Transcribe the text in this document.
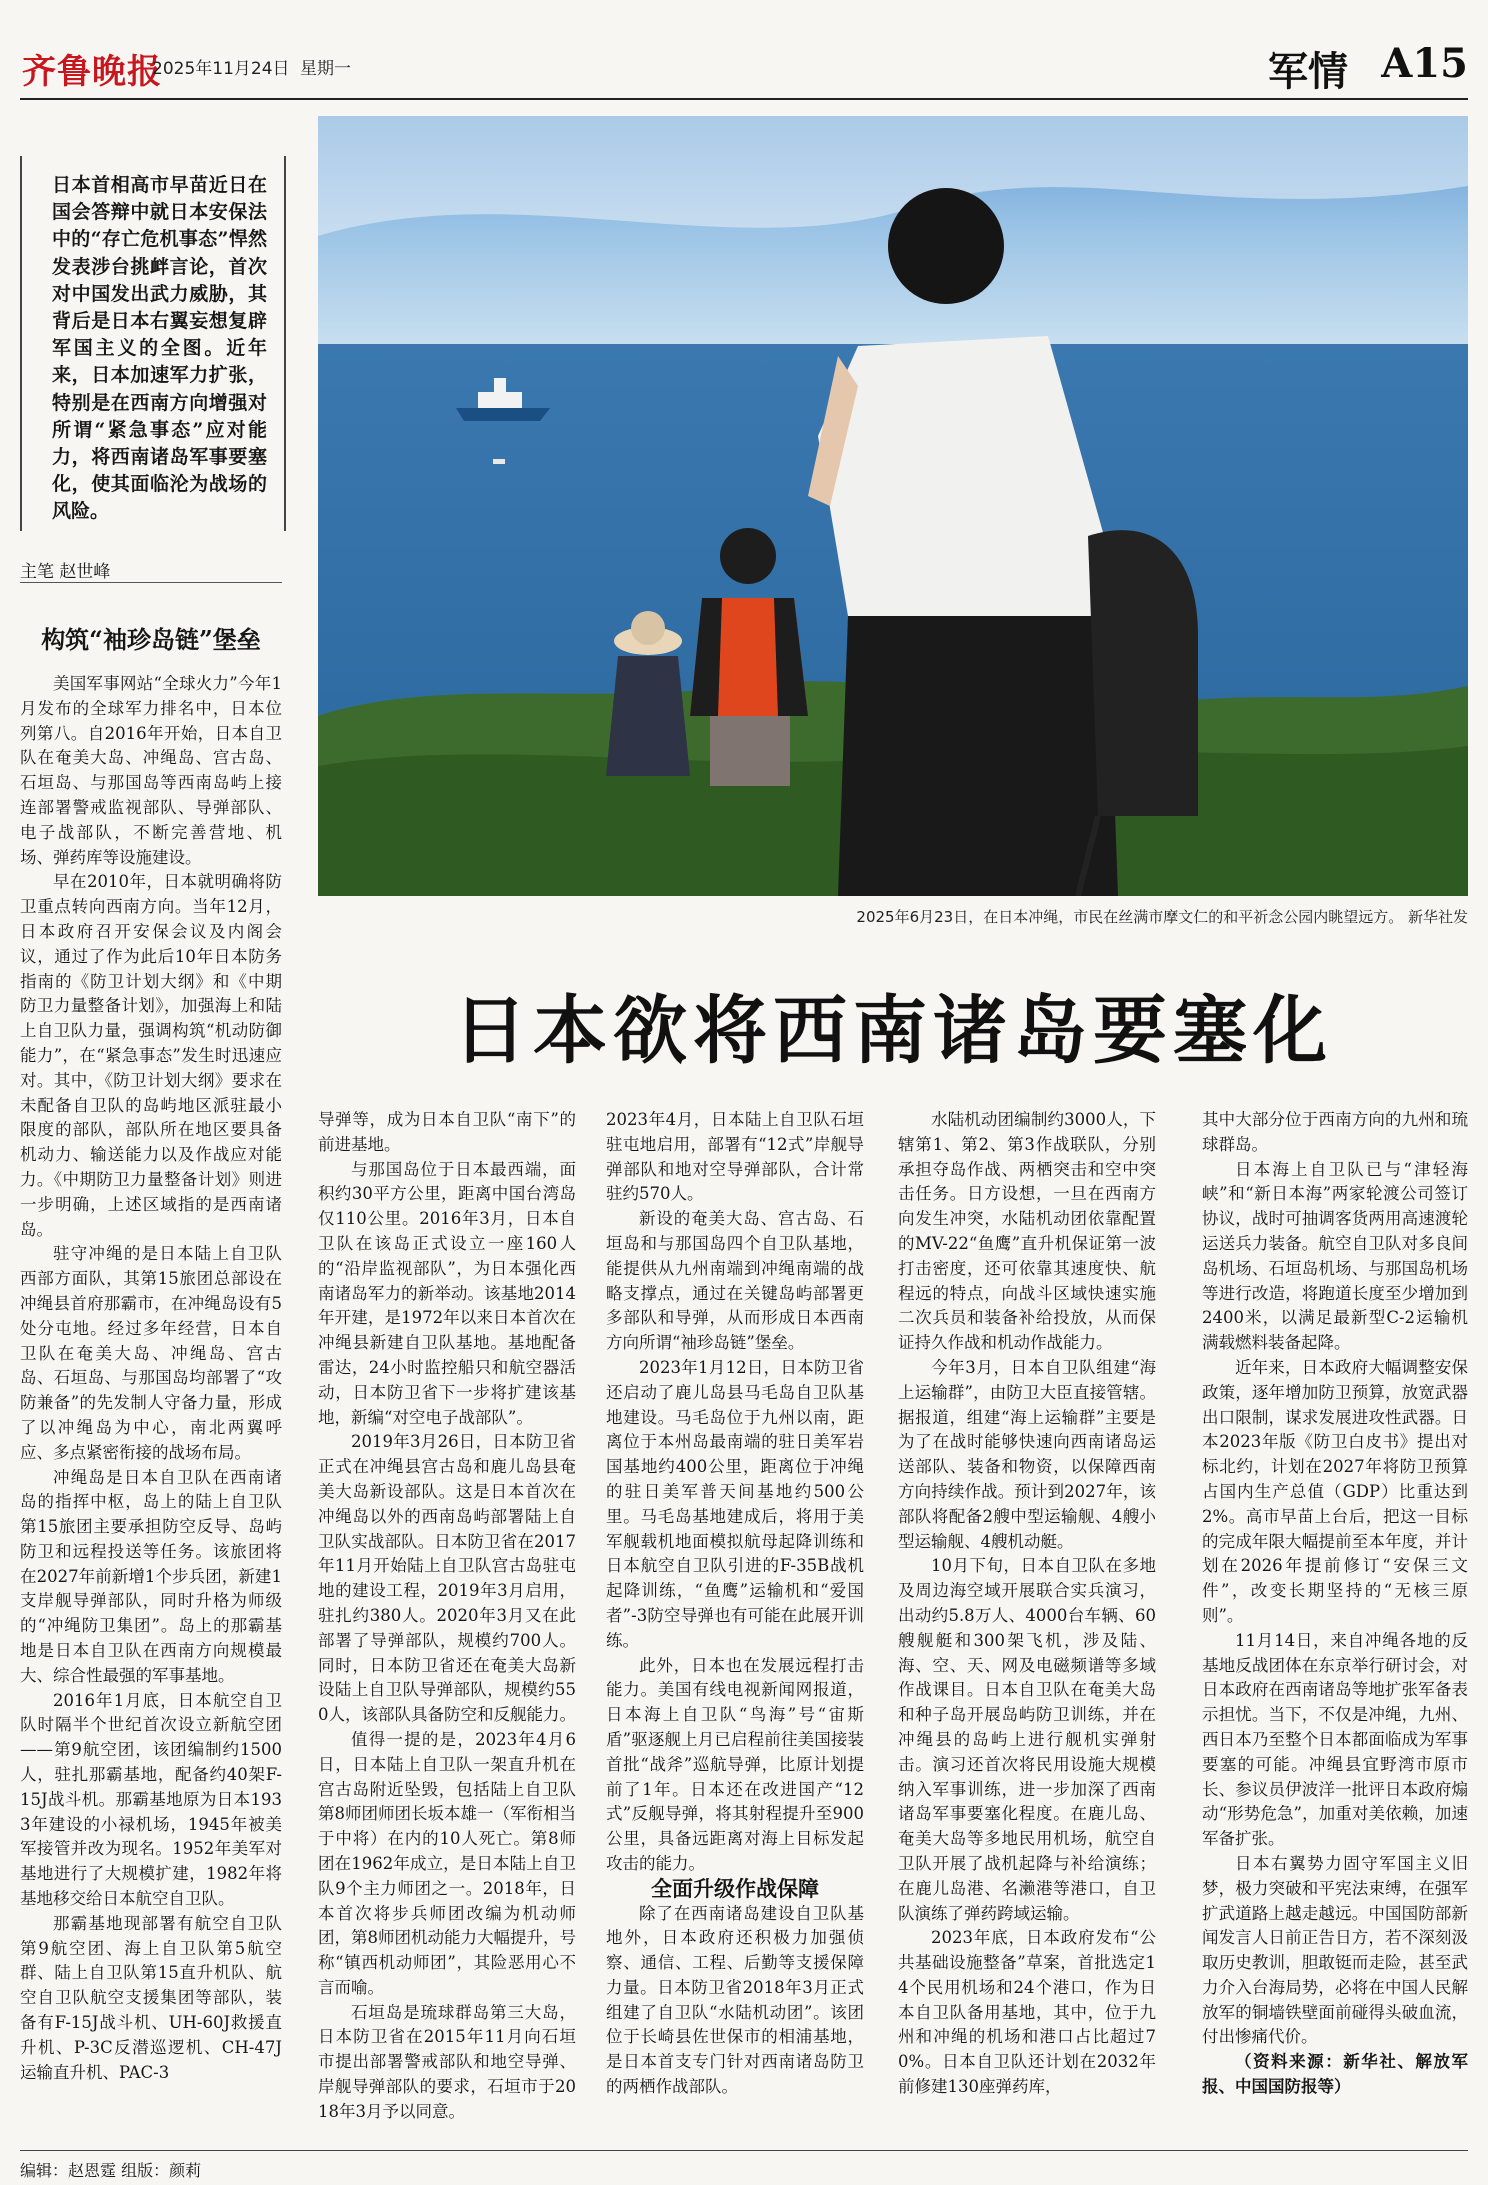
齐鲁晚报
2025年11月24日 星期一	军情 A15
日本首相高市早苗近日在国会答辩中就日本安保法中的“存亡危机事态”悍然发表涉台挑衅言论，首次对中国发出武力威胁，其背后是日本右翼妄想复辟军国主义的全图。近年来，日本加速军力扩张，特别是在西南方向增强对所谓“紧急事态”应对能力，将西南诸岛军事要塞化，使其面临沦为战场的风险。
主笔 赵世峰
构筑“袖珍岛链”堡垒
2025年6月23日，在日本冲绳，市民在丝满市摩文仁的和平祈念公园内眺望远方。 新华社发
日本欲将西南诸岛要塞化

美国军事网站“全球火力”今年1月发布的全球军力排名中，日本位列第八。自2016年开始，日本自卫队在奄美大岛、冲绳岛、宫古岛、石垣岛、与那国岛等西南岛屿上接连部署警戒监视部队、导弹部队、电子战部队，不断完善营地、机场、弹药库等设施建设。

早在2010年，日本就明确将防卫重点转向西南方向。当年12月，日本政府召开安保会议及内阁会议，通过了作为此后10年日本防务指南的《防卫计划大纲》和《中期防卫力量整备计划》，加强海上和陆上自卫队力量，强调构筑“机动防御能力”，在“紧急事态”发生时迅速应对。其中，《防卫计划大纲》要求在未配备自卫队的岛屿地区派驻最小限度的部队，部队所在地区要具备机动力、输送能力以及作战应对能力。《中期防卫力量整备计划》则进一步明确，上述区域指的是西南诸岛。

驻守冲绳的是日本陆上自卫队西部方面队，其第15旅团总部设在冲绳县首府那霸市，在冲绳岛设有5处分屯地。经过多年经营，日本自卫队在奄美大岛、冲绳岛、宫古岛、石垣岛、与那国岛均部署了“攻防兼备”的先发制人守备力量，形成了以冲绳岛为中心，南北两翼呼应、多点紧密衔接的战场布局。

冲绳岛是日本自卫队在西南诸岛的指挥中枢，岛上的陆上自卫队第15旅团主要承担防空反导、岛屿防卫和远程投送等任务。该旅团将在2027年前新增1个步兵团，新建1支岸舰导弹部队，同时升格为师级的“冲绳防卫集团”。岛上的那霸基地是日本自卫队在西南方向规模最大、综合性最强的军事基地。

2016年1月底，日本航空自卫队时隔半个世纪首次设立新航空团——第9航空团，该团编制约1500人，驻扎那霸基地，配备约40架F-15J战斗机。那霸基地原为日本1933年建设的小禄机场，1945年被美军接管并改为现名。1952年美军对基地进行了大规模扩建，1982年将基地移交给日本航空自卫队。

那霸基地现部署有航空自卫队第9航空团、海上自卫队第5航空群、陆上自卫队第15直升机队、航空自卫队航空支援集团等部队，装备有F-15J战斗机、UH-60J救援直升机、P-3C反潜巡逻机、CH-47J运输直升机、PAC-3

导弹等，成为日本自卫队“南下”的前进基地。

与那国岛位于日本最西端，面积约30平方公里，距离中国台湾岛仅110公里。2016年3月，日本自卫队在该岛正式设立一座160人的“沿岸监视部队”，为日本强化西南诸岛军力的新举动。该基地2014年开建，是1972年以来日本首次在冲绳县新建自卫队基地。基地配备雷达，24小时监控船只和航空器活动，日本防卫省下一步将扩建该基地，新编“对空电子战部队”。

2019年3月26日，日本防卫省正式在冲绳县宫古岛和鹿儿岛县奄美大岛新设部队。这是日本首次在冲绳岛以外的西南岛屿部署陆上自卫队实战部队。日本防卫省在2017年11月开始陆上自卫队宫古岛驻屯地的建设工程，2019年3月启用，驻扎约380人。2020年3月又在此部署了导弹部队，规模约700人。同时，日本防卫省还在奄美大岛新设陆上自卫队导弹部队，规模约550人，该部队具备防空和反舰能力。

值得一提的是，2023年4月6日，日本陆上自卫队一架直升机在宫古岛附近坠毁，包括陆上自卫队第8师团师团长坂本雄一（军衔相当于中将）在内的10人死亡。第8师团在1962年成立，是日本陆上自卫队9个主力师团之一。2018年，日本首次将步兵师团改编为机动师团，第8师团机动能力大幅提升，号称“镇西机动师团”，其险恶用心不言而喻。

石垣岛是琉球群岛第三大岛，日本防卫省在2015年11月向石垣市提出部署警戒部队和地空导弹、岸舰导弹部队的要求，石垣市于2018年3月予以同意。

2023年4月，日本陆上自卫队石垣驻屯地启用，部署有“12式”岸舰导弹部队和地对空导弹部队，合计常驻约570人。

新设的奄美大岛、宫古岛、石垣岛和与那国岛四个自卫队基地，能提供从九州南端到冲绳南端的战略支撑点，通过在关键岛屿部署更多部队和导弹，从而形成日本西南方向所谓“袖珍岛链”堡垒。

2023年1月12日，日本防卫省还启动了鹿儿岛县马毛岛自卫队基地建设。马毛岛位于九州以南，距离位于本州岛最南端的驻日美军岩国基地约400公里，距离位于冲绳的驻日美军普天间基地约500公里。马毛岛基地建成后，将用于美军舰载机地面模拟航母起降训练和日本航空自卫队引进的F-35B战机起降训练，“鱼鹰”运输机和“爱国者”-3防空导弹也有可能在此展开训练。

此外，日本也在发展远程打击能力。美国有线电视新闻网报道，日本海上自卫队“鸟海”号“宙斯盾”驱逐舰上月已启程前往美国接装首批“战斧”巡航导弹，比原计划提前了1年。日本还在改进国产“12式”反舰导弹，将其射程提升至900公里，具备远距离对海上目标发起攻击的能力。

全面升级作战保障

除了在西南诸岛建设自卫队基地外，日本政府还积极力加强侦察、通信、工程、后勤等支援保障力量。日本防卫省2018年3月正式组建了自卫队“水陆机动团”。该团位于长崎县佐世保市的相浦基地，是日本首支专门针对西南诸岛防卫的两栖作战部队。

水陆机动团编制约3000人，下辖第1、第2、第3作战联队，分别承担夺岛作战、两栖突击和空中突击任务。日方设想，一旦在西南方向发生冲突，水陆机动团依靠配置的MV-22“鱼鹰”直升机保证第一波打击密度，还可依靠其速度快、航程远的特点，向战斗区域快速实施二次兵员和装备补给投放，从而保证持久作战和机动作战能力。

今年3月，日本自卫队组建“海上运输群”，由防卫大臣直接管辖。据报道，组建“海上运输群”主要是为了在战时能够快速向西南诸岛运送部队、装备和物资，以保障西南方向持续作战。预计到2027年，该部队将配备2艘中型运输舰、4艘小型运输舰、4艘机动艇。

10月下旬，日本自卫队在多地及周边海空域开展联合实兵演习，出动约5.8万人、4000台车辆、60艘舰艇和300架飞机，涉及陆、海、空、天、网及电磁频谱等多域作战课目。日本自卫队在奄美大岛和种子岛开展岛屿防卫训练，并在冲绳县的岛屿上进行舰机实弹射击。演习还首次将民用设施大规模纳入军事训练，进一步加深了西南诸岛军事要塞化程度。在鹿儿岛、奄美大岛等多地民用机场，航空自卫队开展了战机起降与补给演练；在鹿儿岛港、名濑港等港口，自卫队演练了弹药跨域运输。

2023年底，日本政府发布“公共基础设施整备”草案，首批选定14个民用机场和24个港口，作为日本自卫队备用基地，其中，位于九州和冲绳的机场和港口占比超过70%。日本自卫队还计划在2032年前修建130座弹药库，

其中大部分位于西南方向的九州和琉球群岛。

日本海上自卫队已与“津轻海峡”和“新日本海”两家轮渡公司签订协议，战时可抽调客货两用高速渡轮运送兵力装备。航空自卫队对多良间岛机场、石垣岛机场、与那国岛机场等进行改造，将跑道长度至少增加到2400米，以满足最新型C-2运输机满载燃料装备起降。

近年来，日本政府大幅调整安保政策，逐年增加防卫预算，放宽武器出口限制，谋求发展进攻性武器。日本2023年版《防卫白皮书》提出对标北约，计划在2027年将防卫预算占国内生产总值（GDP）比重达到2%。高市早苗上台后，把这一目标的完成年限大幅提前至本年度，并计划在2026年提前修订“安保三文件”，改变长期坚持的“无核三原则”。

11月14日，来自冲绳各地的反基地反战团体在东京举行研讨会，对日本政府在西南诸岛等地扩张军备表示担忧。当下，不仅是冲绳，九州、西日本乃至整个日本都面临成为军事要塞的可能。冲绳县宜野湾市原市长、参议员伊波洋一批评日本政府煽动“形势危急”，加重对美依赖，加速军备扩张。

日本右翼势力固守军国主义旧梦，极力突破和平宪法束缚，在强军扩武道路上越走越远。中国国防部新闻发言人日前正告日方，若不深刻汲取历史教训，胆敢铤而走险，甚至武力介入台海局势，必将在中国人民解放军的铜墙铁壁面前碰得头破血流，付出惨痛代价。

（资料来源：新华社、解放军报、中国国防报等）

编辑：赵恩霆 组版：颜莉
